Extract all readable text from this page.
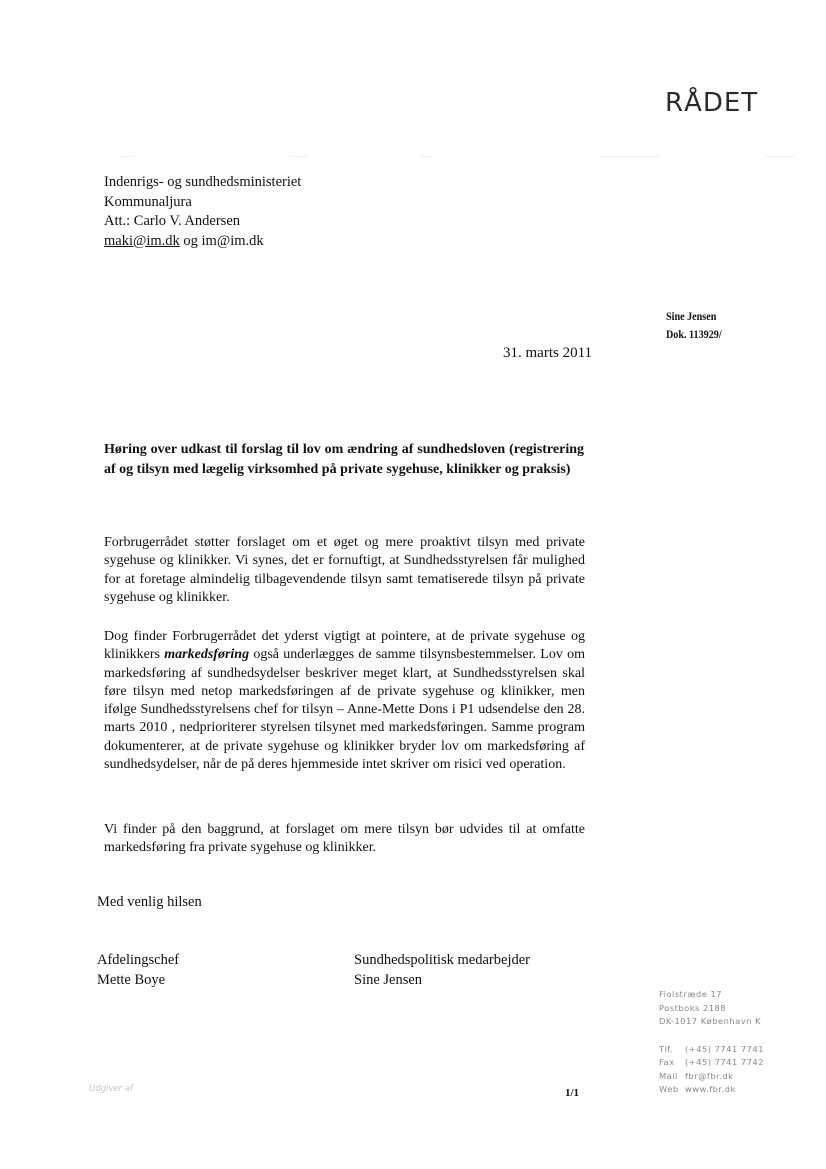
RÅDET
Indenrigs- og sundhedsministeriet
Kommunaljura
Att.: Carlo V. Andersen
maki@im.dk og im@im.dk
Sine Jensen
Dok. 113929/
31. marts 2011
Høring over udkast til forslag til lov om ændring af sundhedsloven (registrering af og tilsyn med lægelig virksomhed på private sygehuse, klinikker og praksis)
Forbrugerrådet støtter forslaget om et øget og mere proaktivt tilsyn med private sygehuse og klinikker. Vi synes, det er fornuftigt, at Sundhedsstyrelsen får mulighed for at foretage almindelig tilbagevendende tilsyn samt tematiserede tilsyn på private sygehuse og klinikker.
Dog finder Forbrugerrådet det yderst vigtigt at pointere, at de private sygehuse og klinikkers markedsføring også underlægges de samme tilsynsbestemmelser. Lov om markedsføring af sundhedsydelser beskriver meget klart, at Sundhedsstyrelsen skal føre tilsyn med netop markedsføringen af de private sygehuse og klinikker, men ifølge Sundhedsstyrelsens chef for tilsyn – Anne-Mette Dons i P1 udsendelse den 28. marts 2010 , nedprioriterer styrelsen tilsynet med markedsføringen. Samme program dokumenterer, at de private sygehuse og klinikker bryder lov om markedsføring af sundhedsydelser, når de på deres hjemmeside intet skriver om risici ved operation.
Vi finder på den baggrund, at forslaget om mere tilsyn bør udvides til at omfatte markedsføring fra private sygehuse og klinikker.
Med venlig hilsen
Afdelingschef
Mette Boye
Sundhedspolitisk medarbejder
Sine Jensen
Fiolstræde 17
Postboks 2188
DK-1017 København K
Tlf. (+45) 7741 7741
Fax (+45) 7741 7742
Mail fbr@fbr.dk
Web www.fbr.dk
Udgiver af	1/1
